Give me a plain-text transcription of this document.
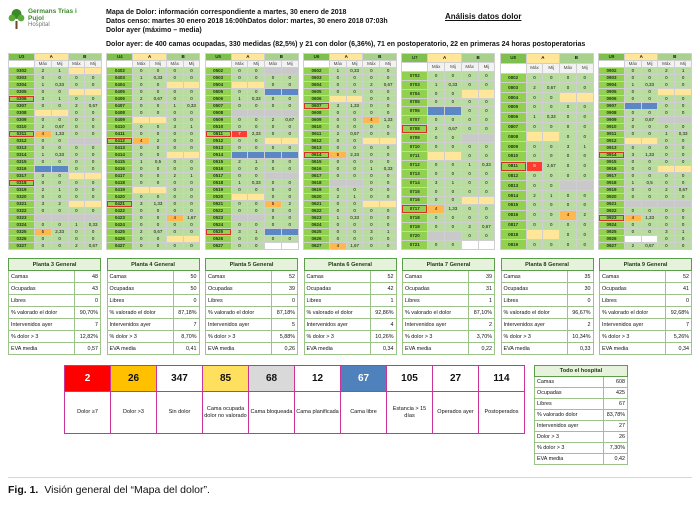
Germans Trias i Pujol
Hospital
Mapa de Dolor: información correspondiente a martes, 30 enero de 2018
Datos censo: martes 30 enero 2018 16:00hDatos dolor: martes, 30 enero 2018 07:03h
Dolor ayer (máximo – media)
Dolor ayer: de 400 camas ocupadas, 330 medidas (82,5%) y 21 con dolor (6,36%), 71 en postoperatorio, 22 en primeras 24 horas postoperatorias
Análisis datos dolor
U3	A		B	
	Máx	Mij	Máx	Mij
0302	2	1		
0303	0	0	0	0
0304	1	0,33	0	0
0305	0	0		
0306	3	1	0	0
0307	0	0	2	0,67
0308			0	0
0309	0	0	0	0
0310	2	0,67	0	0
0311	4	1,33	0	0
0312	0	0		
0313	0	0	0	0
0314	1	0,33	0	0
0315	0	0	0	0
0316			0	0
0317	0	0		
0318	0	0	0	0
0319	2	1	0	0
0320	0	0	0	0
0321	3	2		
0322	0	0	0	0
0323				
0324	0	0	1	0,33
0325	5	2,33	0	0
0326	0	0	0	0
0327	0	0	2	0,67
U4	A		B	
	Máx	Mij	Máx	Mij
0402	0	0	0	0
0403	1	0,33	0	0
0404	0	0		
0405	0	0	0	0
0406	2	0,67	0	0
0407	0	0	1	0,33
0408	0	0	0	0
0409			0	0
0410	0	0	3	1
0411	0	0	0	0
0412	4	2	0	0
0413	0	0	0	0
0414	0	0		
0415	1	0,5	0	0
0416	0	0	0	0
0417	0	0	2	1
0418	0	0	0	0
0419			0	0
0420	0	0	0	0
0421	3	1,33	0	0
0422	0	0	0	0
0423	0	0	4	1,67
0424	0	0	0	0
0425	2	0,67	0	0
0426	0	0		
0427	0	0	0	0
U5	A		B	
	Máx	Mij	Máx	Mij
0502	0	0		
0503	0	0	0	0
0504			0	0
0505	0	0		
0506	1	0,33	0	0
0507	0	0	0	0
0508				
0509	0	0	2	0,67
0510	0	0	0	0
0511	7	2,33	0	0
0512	0	0		
0513	0	0	0	0
0514				
0515	2	1	0	0
0516	0	0	0	0
0517	0	0		
0518	1	0,33	0	0
0519	0	0	0	0
0520			0	0
0521	0	0	5	2
0522	0	0	0	0
0523			0	0
0524	0	0	0	0
0525	3	1		
0526	0	0	0	0
0527	0	0		
U6	A		B	
	Máx	Mij	Máx	Mij
0602	1	0,33	0	0
0603	0	0	0	0
0604	0	0	2	0,67
0605	0	0	0	0
0606			0	0
0607	3	1,33	0	0
0608	0	0	0	0
0609	0	0	4	1,33
0610	0	0	0	0
0611	2	0,67	0	0
0612	0	0		
0613	0	0	0	0
0614	5	2,33	0	0
0615	0	0	0	0
0616	0	0	1	0,33
0617	0	0	0	0
0618			0	0
0619	0	0	0	0
0620	2	1	0	0
0621	0	0		
0622	0	0	0	0
0623	1	0,33	0	0
0624	0	0	0	0
0625	0	0	3	1
0626	0	0	0	0
0627	4	1,67	0	0
U7	A		B	
	Máx	Mij	Máx	Mij
0702	0	0	0	0
0703	1	0,33	0	0
0704	0	0		
0705	0	0	0	0
0706			0	0
0707	0	0	0	0
0708	2	0,67	0	0
0709	0	0		
0710	0	0	0	0
0711			0	0
0712	0	0	1	0,33
0713	0	0	0	0
0714	3	1	0	0
0715	0	0	0	0
0716	0	0		
0717	4	1,33	0	0
0718	0	0	0	0
0719	0	0	2	0,67
0720			0	0
0721	0	0		
U8	A		B	
	Máx	Mij	Máx	Mij
0802	0	0	0	0
0803	2	0,67	0	0
0804	0	0		
0805	0	0	0	0
0806	1	0,33	0	0
0807	0	0	0	0
0808			0	0
0809	0	0	3	1
0810	0	0	0	0
0811	8	2,67	0	0
0812	0	0	0	0
0813	0	0		
0814	2	1	0	0
0815	0	0	0	0
0816	0	0	4	2
0817	0	0	0	0
0818			0	0
0819	0	0	0	0
U9	A		B	
	Máx	Mij	Máx	Mij
0902	0	0	2	1
0903	0	0	0	0
0904	1	0,33	0	0
0905	0	0		
0906	0	0	0	0
0907			0	0
0908	0	0	0	0
0909	2	0,67		
0910	0	0	0	0
0911	0	0	1	0,33
0912			0	0
0913	0	0	0	0
0914	3	1,33	0	0
0915	0	0	0	0
0916	0	0		
0917	0	0	0	0
0918	1	0,5	0	0
0919	0	0	2	0,67
0920	0	0	0	0
0921				
0922	0	0	0	0
0923	4	1,33	0	0
0924	0	0	0	0
0925	0	0	3	1
0926			0	0
0927	2	0,67	0	0
Planta 3 General	
Camas	48
Ocupadas	43
Libres	0
% valorado el dolor	90,70%
Intervenidos ayer	7
% dolor > 3	12,82%
EVA media	0,57
Planta 4 General	
Camas	50
Ocupadas	50
Libres	0
% valorado el dolor	87,18%
Intervenidos ayer	7
% dolor > 3	8,70%
EVA media	0,41
Planta 5 General	
Camas	52
Ocupadas	39
Libres	0
% valorado el dolor	87,18%
Intervenidos ayer	5
% dolor > 3	5,88%
EVA media	0,26
Planta 6 General	
Camas	52
Ocupadas	42
Libres	1
% valorado el dolor	92,86%
Intervenidos ayer	4
% dolor > 3	10,26%
EVA media	0,34
Planta 7 General	
Camas	39
Ocupadas	31
Libres	1
% valorado el dolor	87,10%
Intervenidos ayer	2
% dolor > 3	3,70%
EVA media	0,22
Planta 8 General	
Camas	35
Ocupadas	30
Libres	0
% valorado el dolor	96,67%
Intervenidos ayer	2
% dolor > 3	10,34%
EVA media	0,33
Planta 9 General	
Camas	52
Ocupadas	41
Libres	0
% valorado el dolor	92,68%
Intervenidos ayer	7
% dolor > 3	5,26%
EVA media	0,34
2	26	347	85	68	12	67	105	27	114
Dolor ≥7	Dolor >3	Sin dolor	Cama ocupada dolor no valorado	Cama bloqueada	Cama planificada	Cama libre	Estancia > 15 días	Operados ayer	Postoperados
Todo el hospital	
Camas	608
Ocupadas	425
Libres	67
% valorado dolor	83,78%
Intervenidos ayer	27
Dolor > 3	26
% dolor > 3	7,30%
EVA media	0,42
Fig. 1. Visión general del “Mapa del dolor”.
